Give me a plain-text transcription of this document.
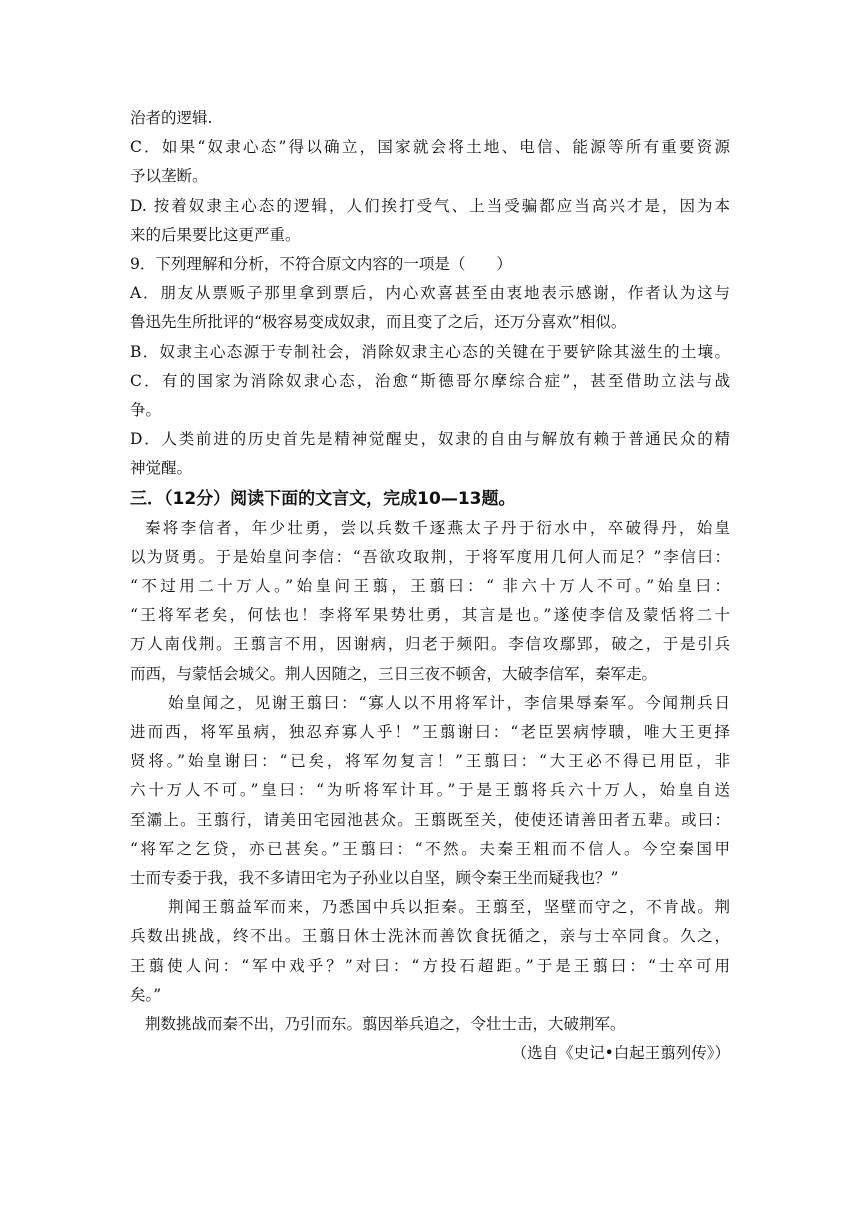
治者的逻辑.
C．如果“奴隶心态”得以确立，国家就会将土地、电信、能源等所有重要资源
予以垄断。
D. 按着奴隶主心态的逻辑，人们挨打受气、上当受骗都应当高兴才是，因为本
来的后果要比这更严重。
9．下列理解和分析，不符合原文内容的一项是（　　）
A．朋友从票贩子那里拿到票后，内心欢喜甚至由衷地表示感谢，作者认为这与
鲁迅先生所批评的“极容易变成奴隶，而且变了之后，还万分喜欢”相似。
B．奴隶主心态源于专制社会，消除奴隶主心态的关键在于要铲除其滋生的土壤。
C．有的国家为消除奴隶心态，治愈“斯德哥尔摩综合症”，甚至借助立法与战
争。
D．人类前进的历史首先是精神觉醒史，奴隶的自由与解放有赖于普通民众的精
神觉醒。
三．（12分）阅读下面的文言文，完成10—13题。
秦将李信者，年少壮勇，尝以兵数千逐燕太子丹于衍水中，卒破得丹，始皇
以为贤勇。于是始皇问李信：“吾欲攻取荆，于将军度用几何人而足？”李信曰：
“不过用二十万人。”始皇问王翦，王翦曰：“ 非六十万人不可。”始皇曰：
“王将军老矣，何怯也！李将军果势壮勇，其言是也。”遂使李信及蒙恬将二十
万人南伐荆。王翦言不用，因谢病，归老于频阳。李信攻鄢郢，破之，于是引兵
而西，与蒙恬会城父。荆人因随之，三日三夜不顿舍，大破李信军，秦军走。
始皇闻之，见谢王翦曰：“寡人以不用将军计，李信果辱秦军。今闻荆兵日
进而西，将军虽病，独忍弃寡人乎！”王翦谢曰：“老臣罢病悖聩，唯大王更择
贤将。”始皇谢曰：“已矣，将军勿复言！”王翦曰：“大王必不得已用臣，非
六十万人不可。”皇曰：“为听将军计耳。”于是王翦将兵六十万人，始皇自送
至灞上。王翦行，请美田宅园池甚众。王翦既至关，使使还请善田者五辈。或曰：
“将军之乞贷，亦已甚矣。”王翦曰：“不然。夫秦王粗而不信人。今空秦国甲
士而专委于我，我不多请田宅为子孙业以自坚，顾令秦王坐而疑我也？”
荆闻王翦益军而来，乃悉国中兵以拒秦。王翦至，坚壁而守之，不肯战。荆
兵数出挑战，终不出。王翦日休士洗沐而善饮食抚循之，亲与士卒同食。久之，
王翦使人问：“军中戏乎？”对曰：“方投石超距。”于是王翦曰：“士卒可用
矣。”
荆数挑战而秦不出，乃引而东。翦因举兵追之，令壮士击，大破荆军。
（选自《史记•白起王翦列传》）
